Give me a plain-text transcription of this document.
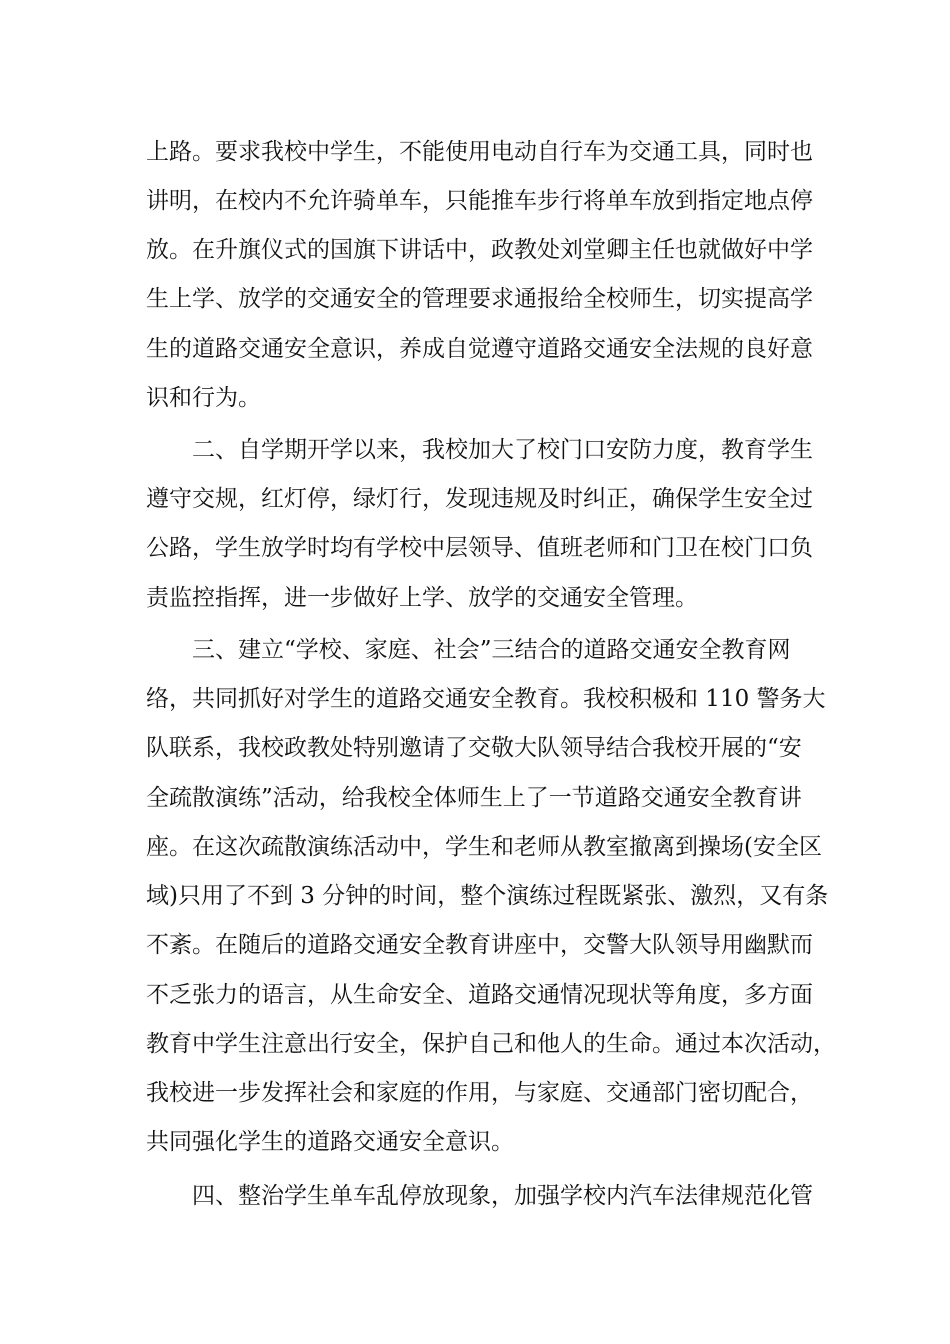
上路。要求我校中学生，不能使用电动自行车为交通工具，同时也

讲明，在校内不允许骑单车，只能推车步行将单车放到指定地点停

放。在升旗仪式的国旗下讲话中，政教处刘堂卿主任也就做好中学

生上学、放学的交通安全的管理要求通报给全校师生，切实提高学

生的道路交通安全意识，养成自觉遵守道路交通安全法规的良好意

识和行为。

二、自学期开学以来，我校加大了校门口安防力度，教育学生

遵守交规，红灯停，绿灯行，发现违规及时纠正，确保学生安全过

公路，学生放学时均有学校中层领导、值班老师和门卫在校门口负

责监控指挥，进一步做好上学、放学的交通安全管理。

三、建立“学校、家庭、社会”三结合的道路交通安全教育网

络，共同抓好对学生的道路交通安全教育。我校积极和 110 警务大

队联系，我校政教处特别邀请了交敬大队领导结合我校开展的“安

全疏散演练”活动，给我校全体师生上了一节道路交通安全教育讲

座。在这次疏散演练活动中，学生和老师从教室撤离到操场(安全区

域)只用了不到 3 分钟的时间，整个演练过程既紧张、激烈，又有条

不紊。在随后的道路交通安全教育讲座中，交警大队领导用幽默而

不乏张力的语言，从生命安全、道路交通情况现状等角度，多方面

教育中学生注意出行安全，保护自己和他人的生命。通过本次活动，

我校进一步发挥社会和家庭的作用，与家庭、交通部门密切配合，

共同强化学生的道路交通安全意识。

四、整治学生单车乱停放现象，加强学校内汽车法律规范化管
